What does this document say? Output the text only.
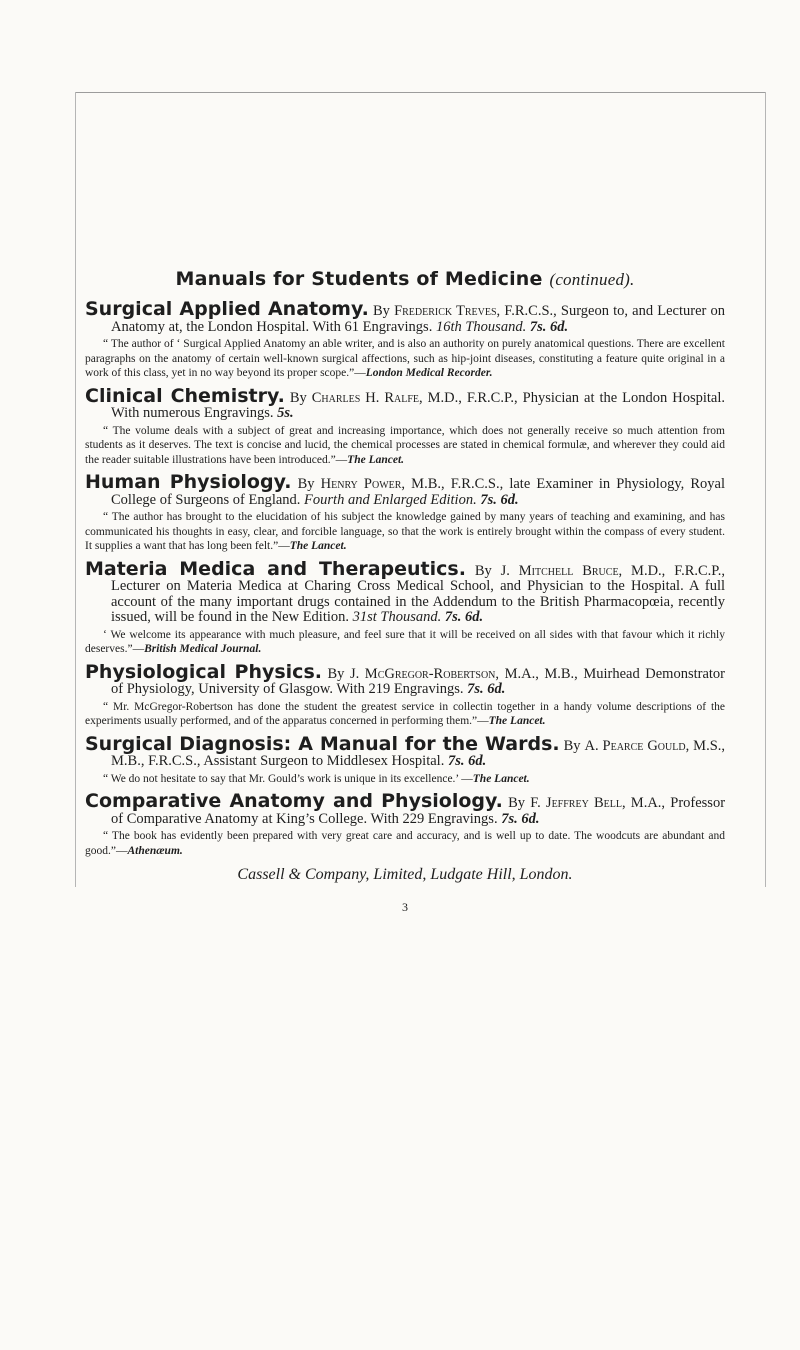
Manuals for Students of Medicine (continued).

Surgical Applied Anatomy. By Frederick Treves, F.R.C.S., Surgeon to, and Lecturer on Anatomy at, the London Hospital. With 61 Engravings. 16th Thousand. 7s. 6d.

“ The author of ‘ Surgical Applied Anatomy an able writer, and is also an authority on purely anatomical questions. There are excellent paragraphs on the anatomy of certain well-known surgical affections, such as hip-joint diseases, constituting a feature quite original in a work of this class, yet in no way beyond its proper scope.”—London Medical Recorder.

Clinical Chemistry. By Charles H. Ralfe, M.D., F.R.C.P., Physician at the London Hospital. With numerous Engravings. 5s.

“ The volume deals with a subject of great and increasing importance, which does not generally receive so much attention from students as it deserves. The text is concise and lucid, the chemical processes are stated in chemical formulæ, and wherever they could aid the reader suitable illustrations have been introduced.”—The Lancet.

Human Physiology. By Henry Power, M.B., F.R.C.S., late Examiner in Physiology, Royal College of Surgeons of England. Fourth and Enlarged Edition. 7s. 6d.

“ The author has brought to the elucidation of his subject the knowledge gained by many years of teaching and examining, and has communicated his thoughts in easy, clear, and forcible language, so that the work is entirely brought within the compass of every student. It supplies a want that has long been felt.”—The Lancet.

Materia Medica and Therapeutics. By J. Mitchell Bruce, M.D., F.R.C.P., Lecturer on Materia Medica at Charing Cross Medical School, and Physician to the Hospital. A full account of the many important drugs contained in the Addendum to the British Pharmacopœia, recently issued, will be found in the New Edition. 31st Thousand. 7s. 6d.

‘ We welcome its appearance with much pleasure, and feel sure that it will be received on all sides with that favour which it richly deserves.”—British Medical Journal.

Physiological Physics. By J. McGregor-Robertson, M.A., M.B., Muirhead Demonstrator of Physiology, University of Glasgow. With 219 Engravings. 7s. 6d.

“ Mr. McGregor-Robertson has done the student the greatest service in collectin together in a handy volume descriptions of the experiments usually performed, and of the apparatus concerned in performing them.”—The Lancet.

Surgical Diagnosis: A Manual for the Wards. By A. Pearce Gould, M.S., M.B., F.R.C.S., Assistant Surgeon to Middlesex Hospital. 7s. 6d.

“ We do not hesitate to say that Mr. Gould’s work is unique in its excellence.’ —The Lancet.

Comparative Anatomy and Physiology. By F. Jeffrey Bell, M.A., Professor of Comparative Anatomy at King’s College. With 229 Engravings. 7s. 6d.

“ The book has evidently been prepared with very great care and accuracy, and is well up to date. The woodcuts are abundant and good.”—Athenæum.

Cassell & Company, Limited, Ludgate Hill, London.

3
